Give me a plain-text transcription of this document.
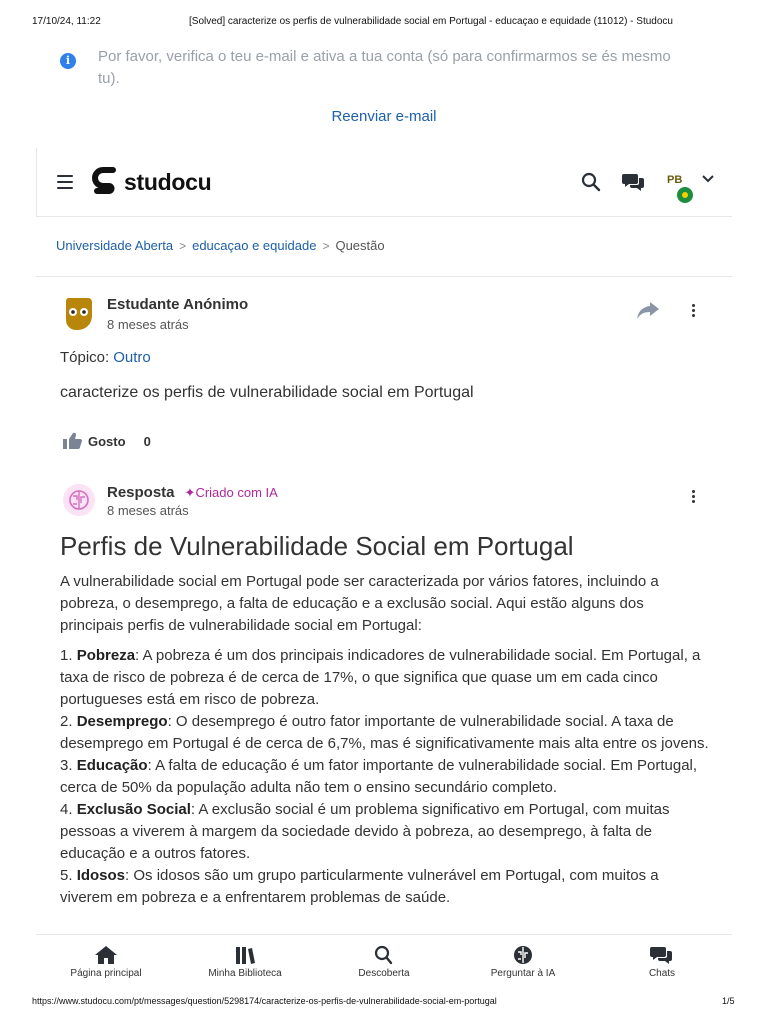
17/10/24, 11:22	[Solved] caracterize os perfis de vulnerabilidade social em Portugal - educaçao e equidade (11012) - Studocu
i	Por favor, verifica o teu e-mail e ativa a tua conta (só para confirmarmos se és mesmo tu).
Reenviar e-mail
studocu	PB
Universidade Aberta > educaçao e equidade > Questão
Estudante Anónimo
8 meses atrás
Tópico: Outro
caracterize os perfis de vulnerabilidade social em Portugal
Gosto 0
Resposta ✦Criado com IA
8 meses atrás
Perfis de Vulnerabilidade Social em Portugal

A vulnerabilidade social em Portugal pode ser caracterizada por vários fatores, incluindo a pobreza, o desemprego, a falta de educação e a exclusão social. Aqui estão alguns dos principais perfis de vulnerabilidade social em Portugal:

1. Pobreza: A pobreza é um dos principais indicadores de vulnerabilidade social. Em Portugal, a taxa de risco de pobreza é de cerca de 17%, o que significa que quase um em cada cinco portugueses está em risco de pobreza.
2. Desemprego: O desemprego é outro fator importante de vulnerabilidade social. A taxa de desemprego em Portugal é de cerca de 6,7%, mas é significativamente mais alta entre os jovens.
3. Educação: A falta de educação é um fator importante de vulnerabilidade social. Em Portugal, cerca de 50% da população adulta não tem o ensino secundário completo.
4. Exclusão Social: A exclusão social é um problema significativo em Portugal, com muitas pessoas a viverem à margem da sociedade devido à pobreza, ao desemprego, à falta de educação e a outros fatores.
5. Idosos: Os idosos são um grupo particularmente vulnerável em Portugal, com muitos a viverem em pobreza e a enfrentarem problemas de saúde.
Página principal	Minha Biblioteca	Descoberta	Perguntar à IA	Chats
https://www.studocu.com/pt/messages/question/5298174/caracterize-os-perfis-de-vulnerabilidade-social-em-portugal	1/5
